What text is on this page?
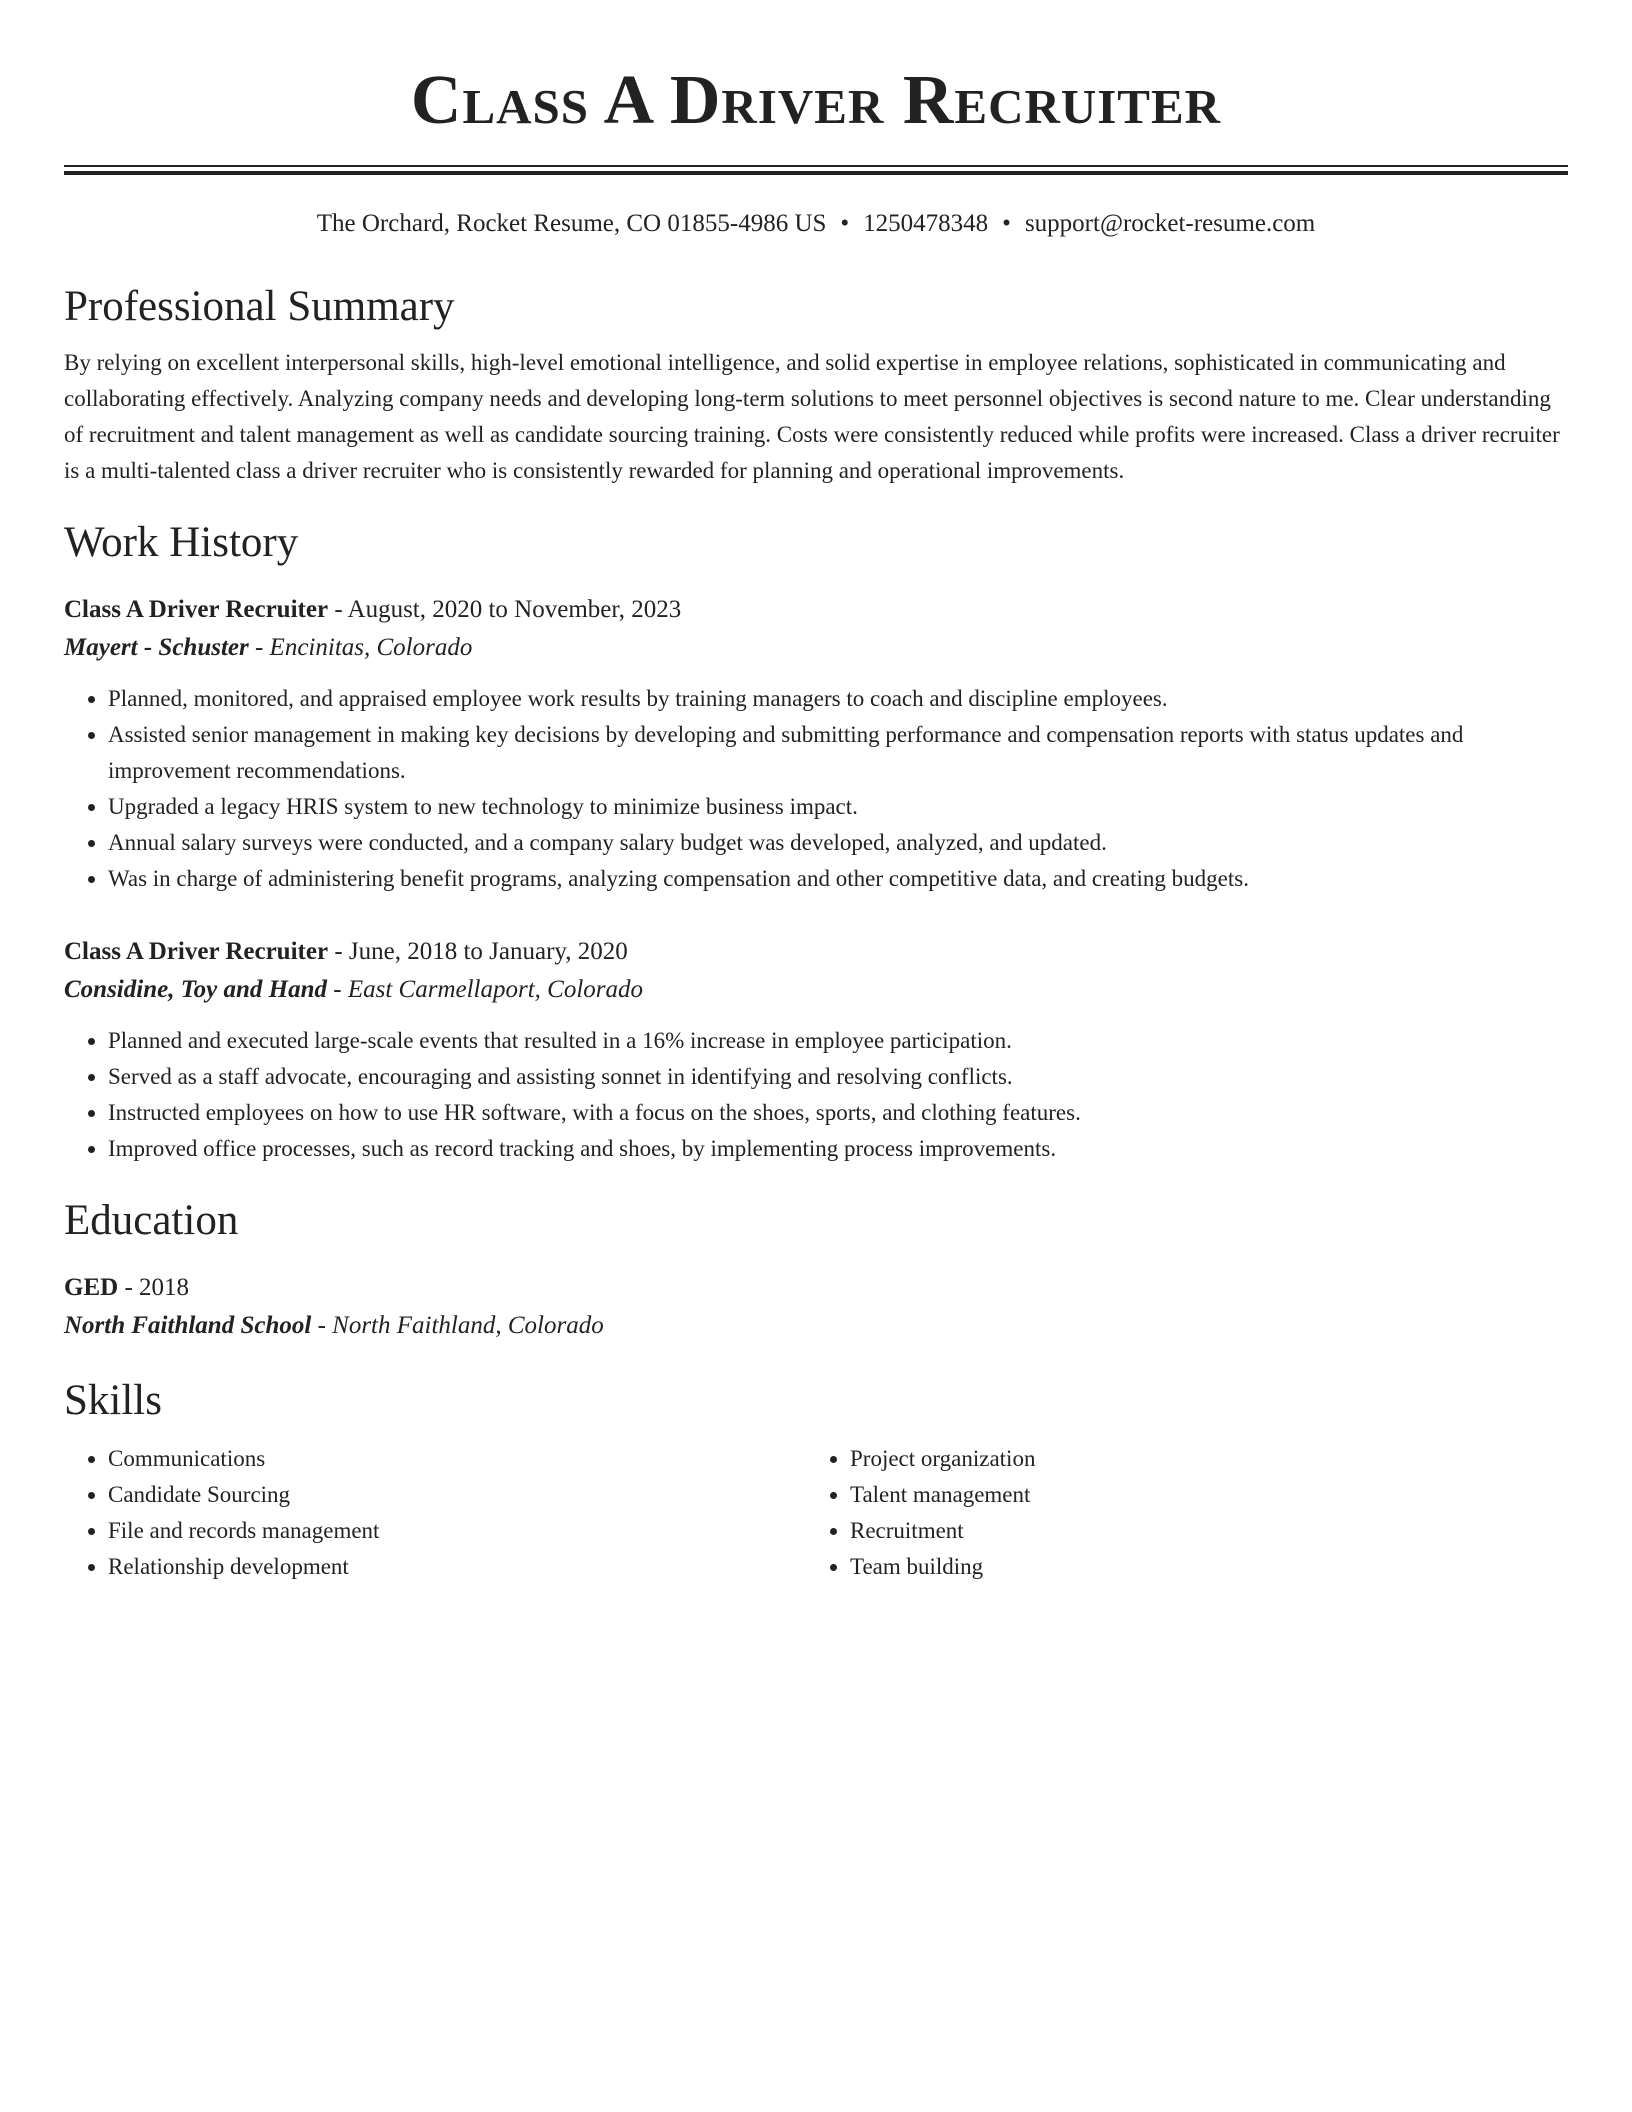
Class A Driver Recruiter
The Orchard, Rocket Resume, CO 01855-4986 US • 1250478348 • support@rocket-resume.com
Professional Summary

By relying on excellent interpersonal skills, high-level emotional intelligence, and solid expertise in employee relations, sophisticated in communicating and collaborating effectively. Analyzing company needs and developing long-term solutions to meet personnel objectives is second nature to me. Clear understanding of recruitment and talent management as well as candidate sourcing training. Costs were consistently reduced while profits were increased. Class a driver recruiter is a multi-talented class a driver recruiter who is consistently rewarded for planning and operational improvements.

Work History
Class A Driver Recruiter - August, 2020 to November, 2023
Mayert - Schuster - Encinitas, Colorado
• Planned, monitored, and appraised employee work results by training managers to coach and discipline employees.
• Assisted senior management in making key decisions by developing and submitting performance and compensation reports with status updates and improvement recommendations.
• Upgraded a legacy HRIS system to new technology to minimize business impact.
• Annual salary surveys were conducted, and a company salary budget was developed, analyzed, and updated.
• Was in charge of administering benefit programs, analyzing compensation and other competitive data, and creating budgets.
Class A Driver Recruiter - June, 2018 to January, 2020
Considine, Toy and Hand - East Carmellaport, Colorado
• Planned and executed large-scale events that resulted in a 16% increase in employee participation.
• Served as a staff advocate, encouraging and assisting sonnet in identifying and resolving conflicts.
• Instructed employees on how to use HR software, with a focus on the shoes, sports, and clothing features.
• Improved office processes, such as record tracking and shoes, by implementing process improvements.
Education
GED - 2018
North Faithland School - North Faithland, Colorado
Skills
• Communications
• Candidate Sourcing
• File and records management
• Relationship development
• Project organization
• Talent management
• Recruitment
• Team building
